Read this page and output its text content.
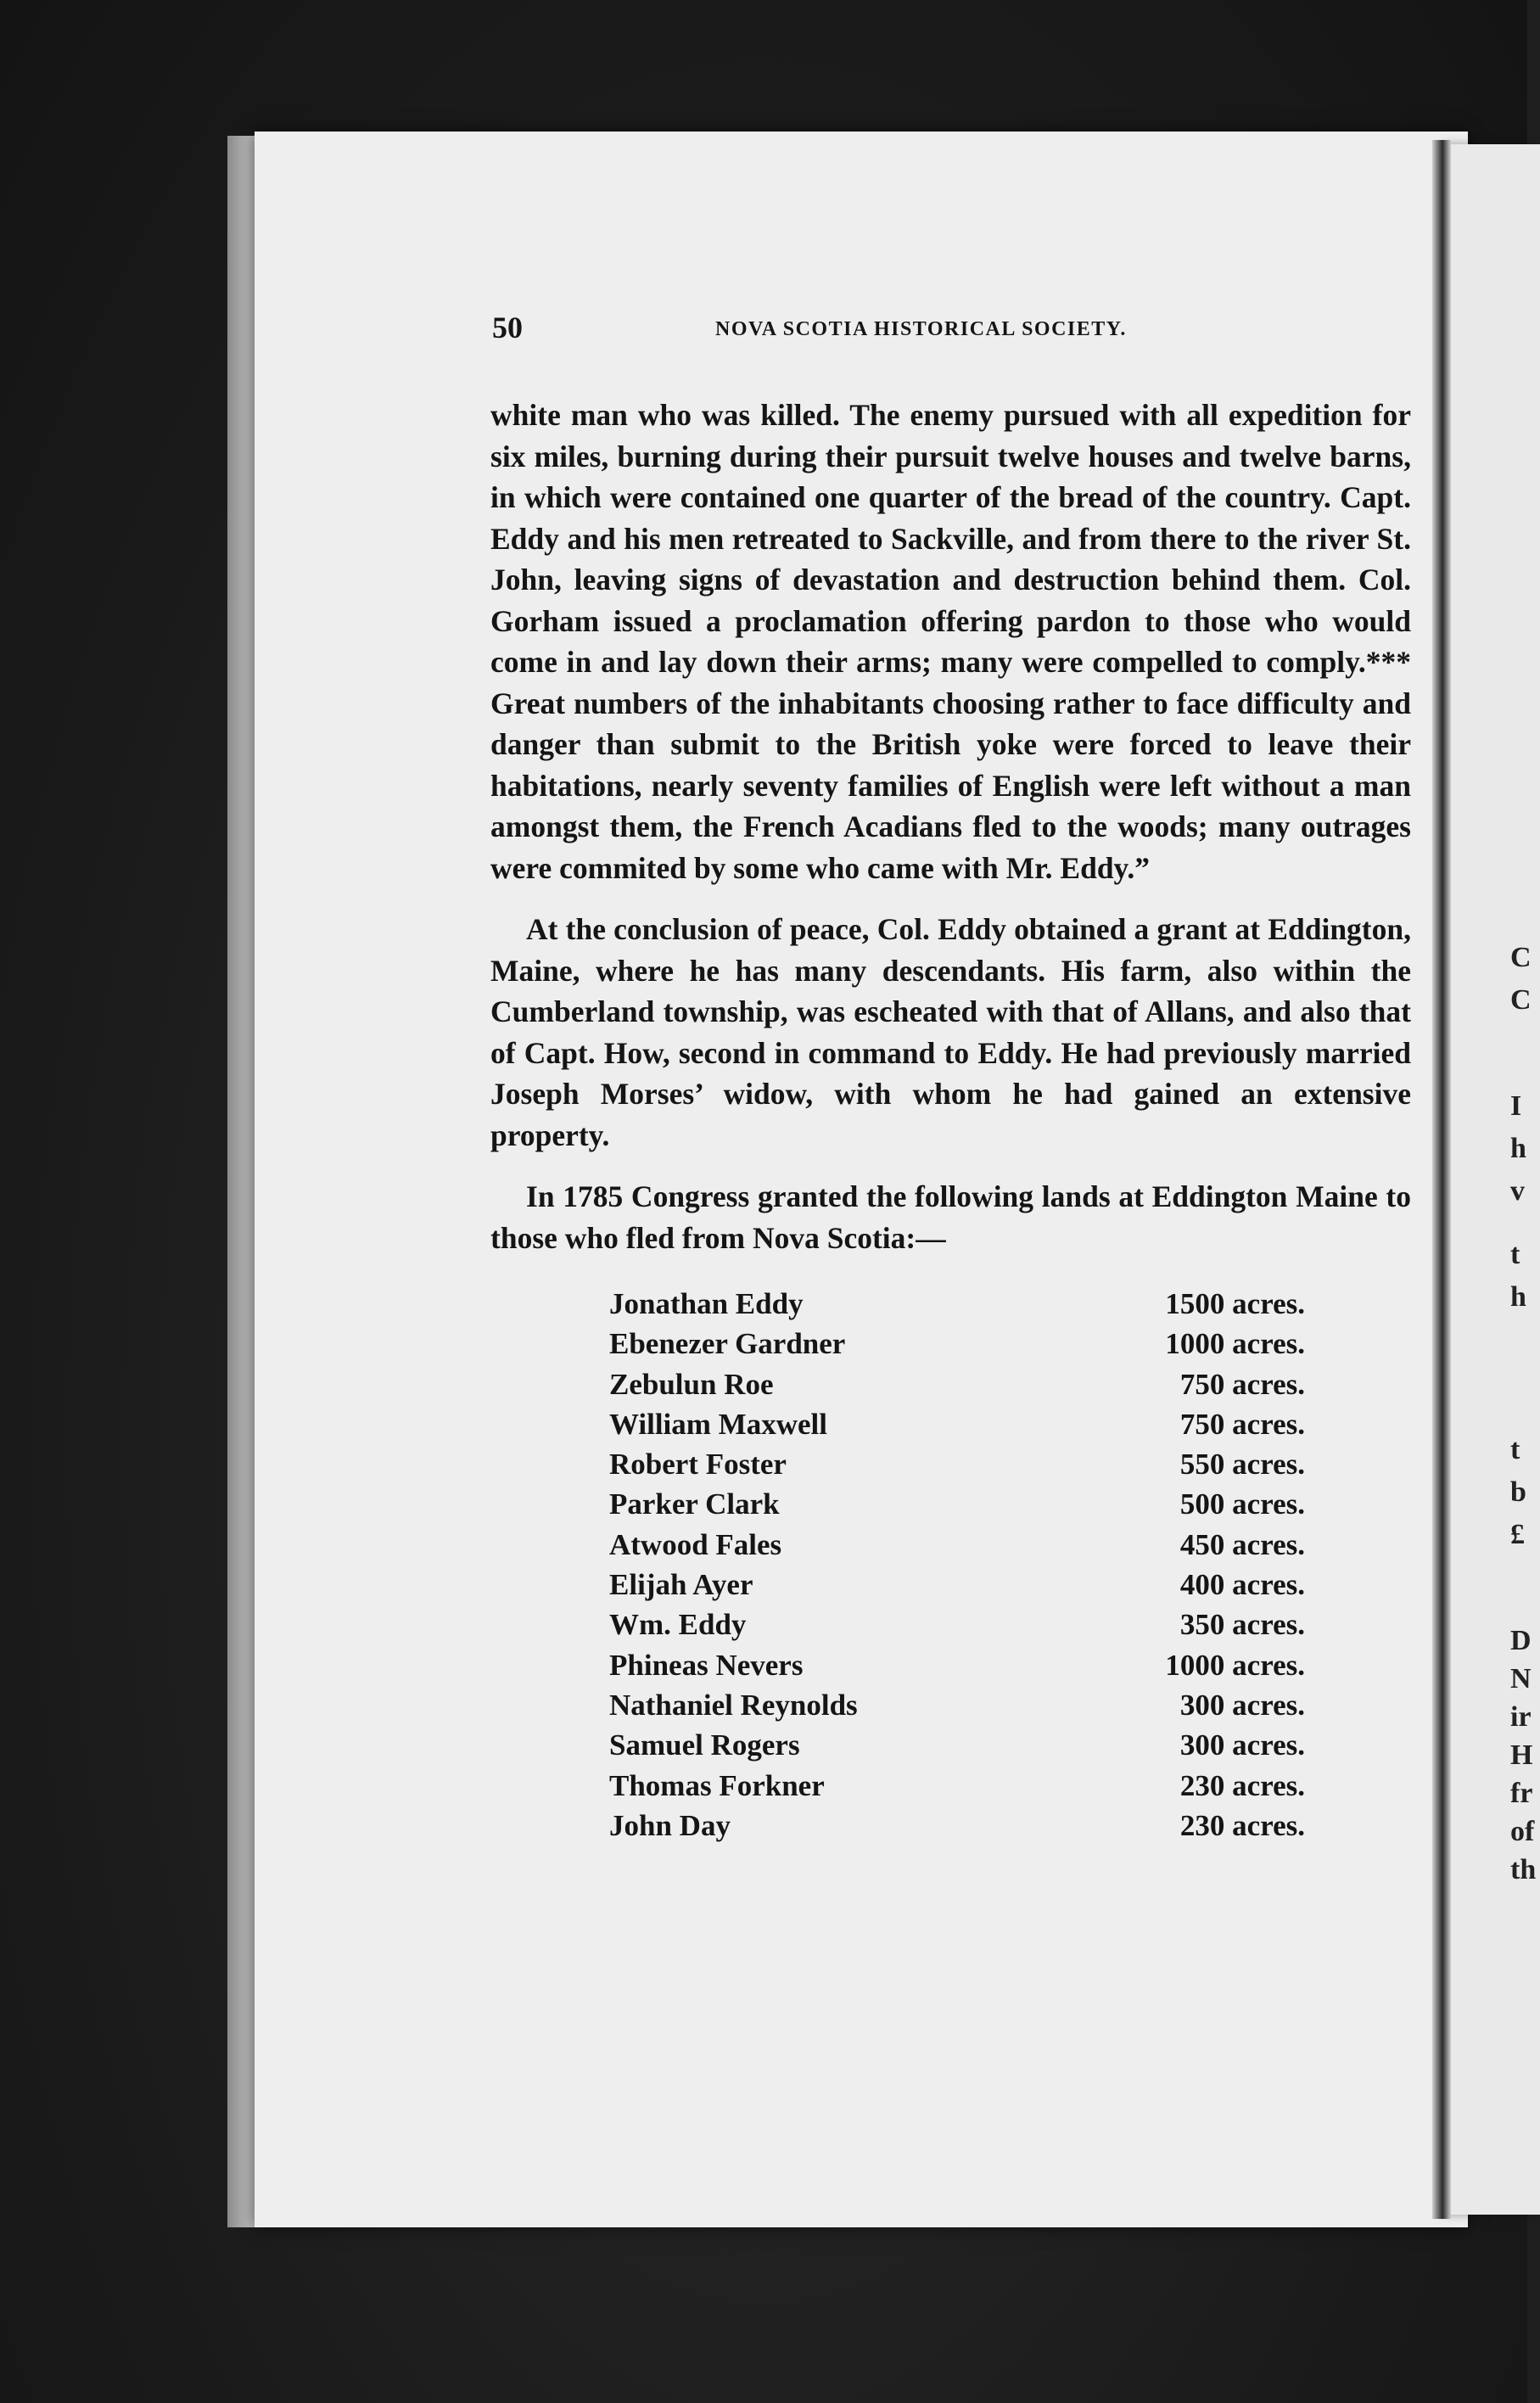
50	NOVA SCOTIA HISTORICAL SOCIETY.

white man who was killed. The enemy pursued with all expedition for six miles, burning during their pursuit twelve houses and twelve barns, in which were contained one quarter of the bread of the country. Capt. Eddy and his men retreated to Sackville, and from there to the river St. John, leaving signs of devastation and destruction behind them. Col. Gorham issued a proclamation offering pardon to those who would come in and lay down their arms; many were compelled to comply.*** Great numbers of the inhabitants choosing rather to face difficulty and danger than submit to the British yoke were forced to leave their habitations, nearly seventy families of English were left without a man amongst them, the French Acadians fled to the woods; many outrages were commited by some who came with Mr. Eddy.”

At the conclusion of peace, Col. Eddy obtained a grant at Eddington, Maine, where he has many descendants. His farm, also within the Cumberland township, was escheated with that of Allans, and also that of Capt. How, second in command to Eddy. He had previously married Joseph Morses’ widow, with whom he had gained an extensive property.

In 1785 Congress granted the following lands at Eddington Maine to those who fled from Nova Scotia:—

Jonathan Eddy	1500 acres.
Ebenezer Gardner	1000 acres.
Zebulun Roe	750 acres.
William Maxwell	750 acres.
Robert Foster	550 acres.
Parker Clark	500 acres.
Atwood Fales	450 acres.
Elijah Ayer	400 acres.
Wm. Eddy	350 acres.
Phineas Nevers	1000 acres.
Nathaniel Reynolds	300 acres.
Samuel Rogers	300 acres.
Thomas Forkner	230 acres.
John Day	230 acres.
C
C
I
h
v
t
h
t
b
£
D
N
ir
H
fr
of
th
